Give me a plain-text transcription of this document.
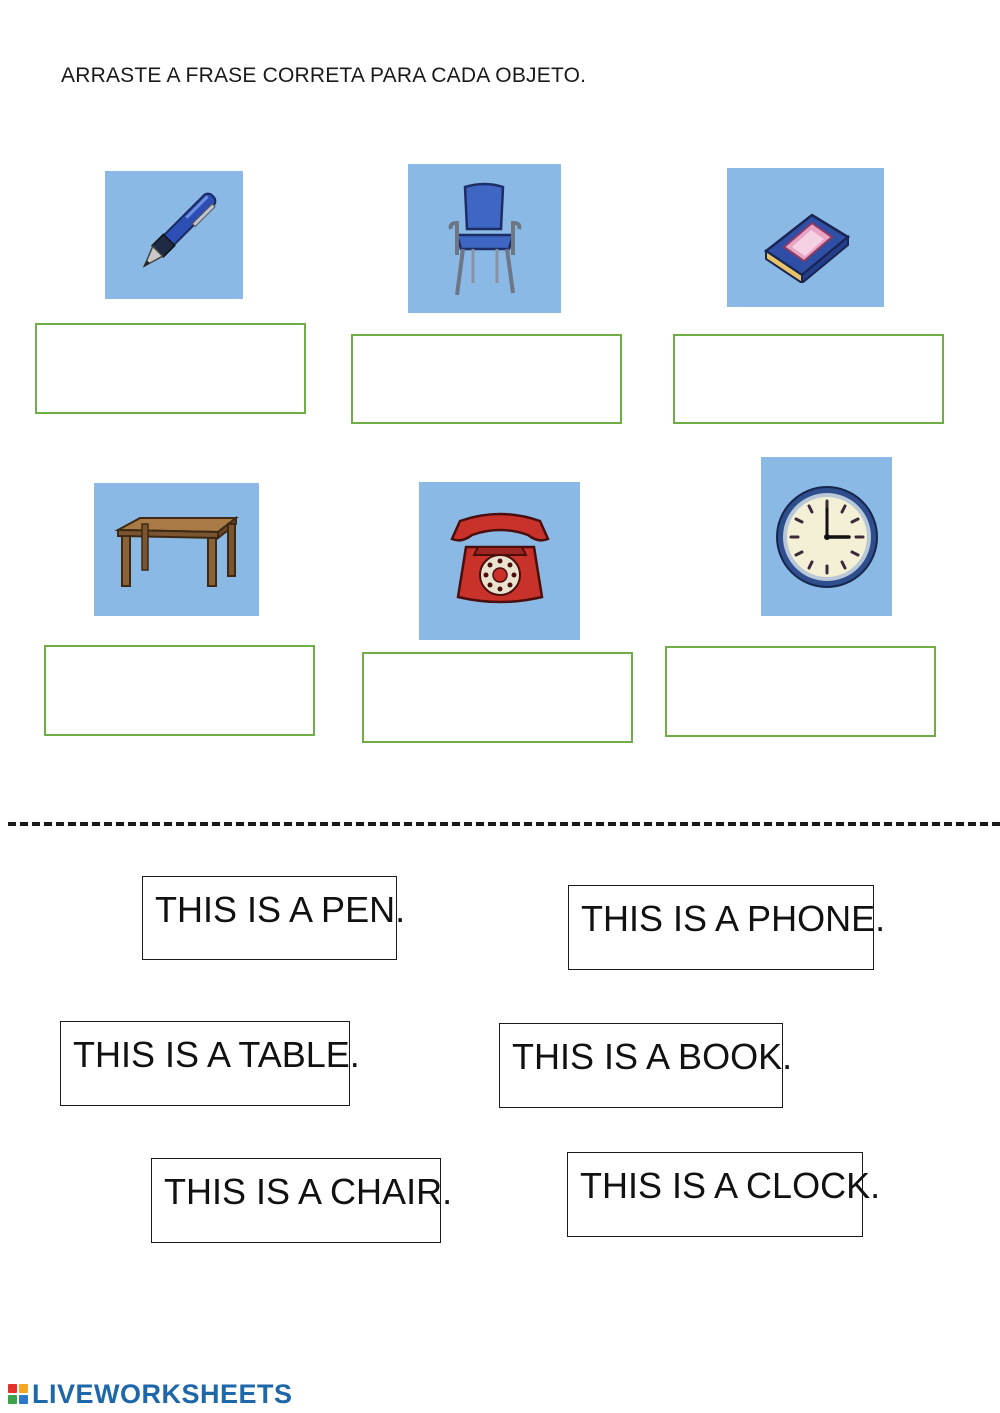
ARRASTE A FRASE CORRETA PARA CADA OBJETO.
THIS IS A PEN.	THIS IS A PHONE.
THIS IS A TABLE.	THIS IS A BOOK.
THIS IS A CHAIR.	THIS IS A CLOCK.
LIVEWORKSHEETS
